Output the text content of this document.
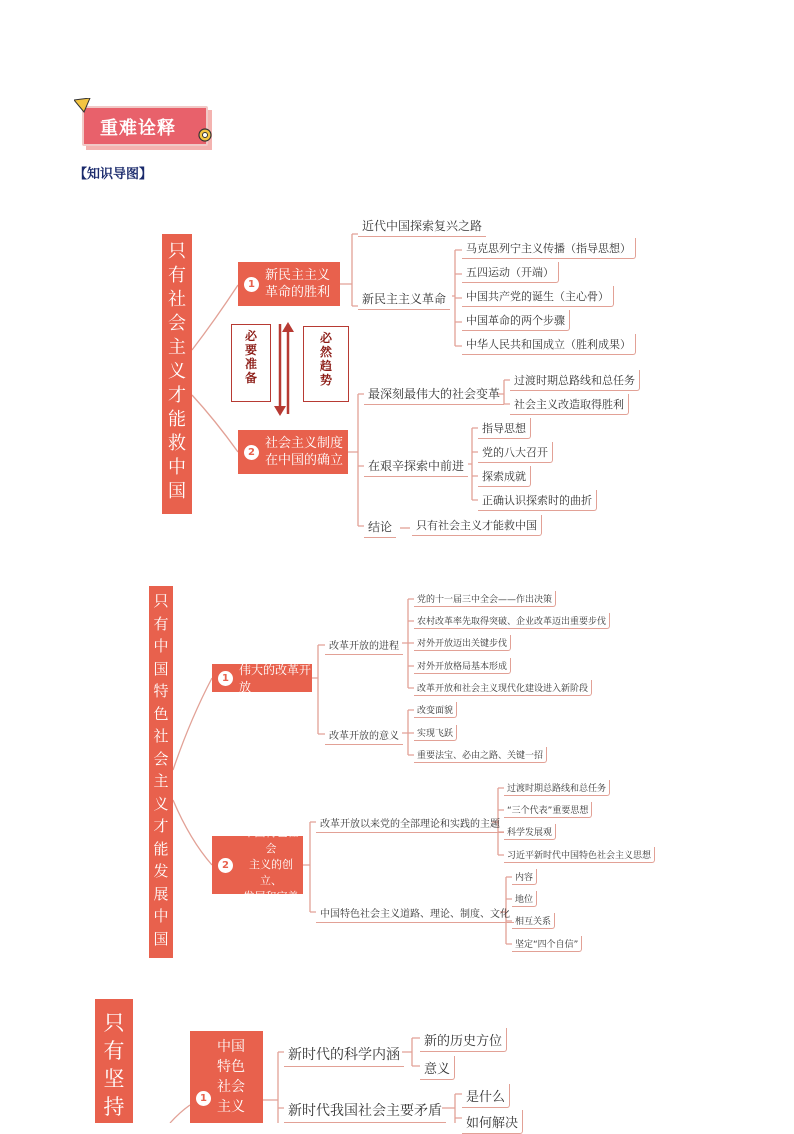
重难诠释
【知识导图】
只
有
社
会
主
义
才
能
救
中
国
1
新民主主义
革命的胜利
2
社会主义制度
在中国的确立
必
要
准
备
必
然
趋
势
近代中国探索复兴之路
新民主主义革命
马克思列宁主义传播（指导思想）
五四运动（开端）
中国共产党的诞生（主心骨）
中国革命的两个步骤
中华人民共和国成立（胜利成果）
最深刻最伟大的社会变革
过渡时期总路线和总任务
社会主义改造取得胜利
在艰辛探索中前进
指导思想
党的八大召开
探索成就
正确认识探索时的曲折
结论	只有社会主义才能救中国
只
有
中
国
特
色
社
会
主
义
才
能
发
展
中
国
1
伟大的改革开放
2
中国特色社会
主义的创立、
发展和完善
改革开放的进程
党的十一届三中全会——作出决策
农村改革率先取得突破、企业改革迈出重要步伐
对外开放迈出关键步伐
对外开放格局基本形成
改革开放和社会主义现代化建设进入新阶段
改革开放的意义
改变面貌
实现飞跃
重要法宝、必由之路、关键一招
改革开放以来党的全部理论和实践的主题
过渡时期总路线和总任务
“三个代表”重要思想
科学发展观
习近平新时代中国特色社会主义思想
中国特色社会主义道路、理论、制度、文化
内容
地位
相互关系
坚定“四个自信”
只
有
坚
持	1
中国
特色
社会
主义
新时代的科学内涵
新的历史方位
意义
新时代我国社会主要矛盾
是什么
如何解决
